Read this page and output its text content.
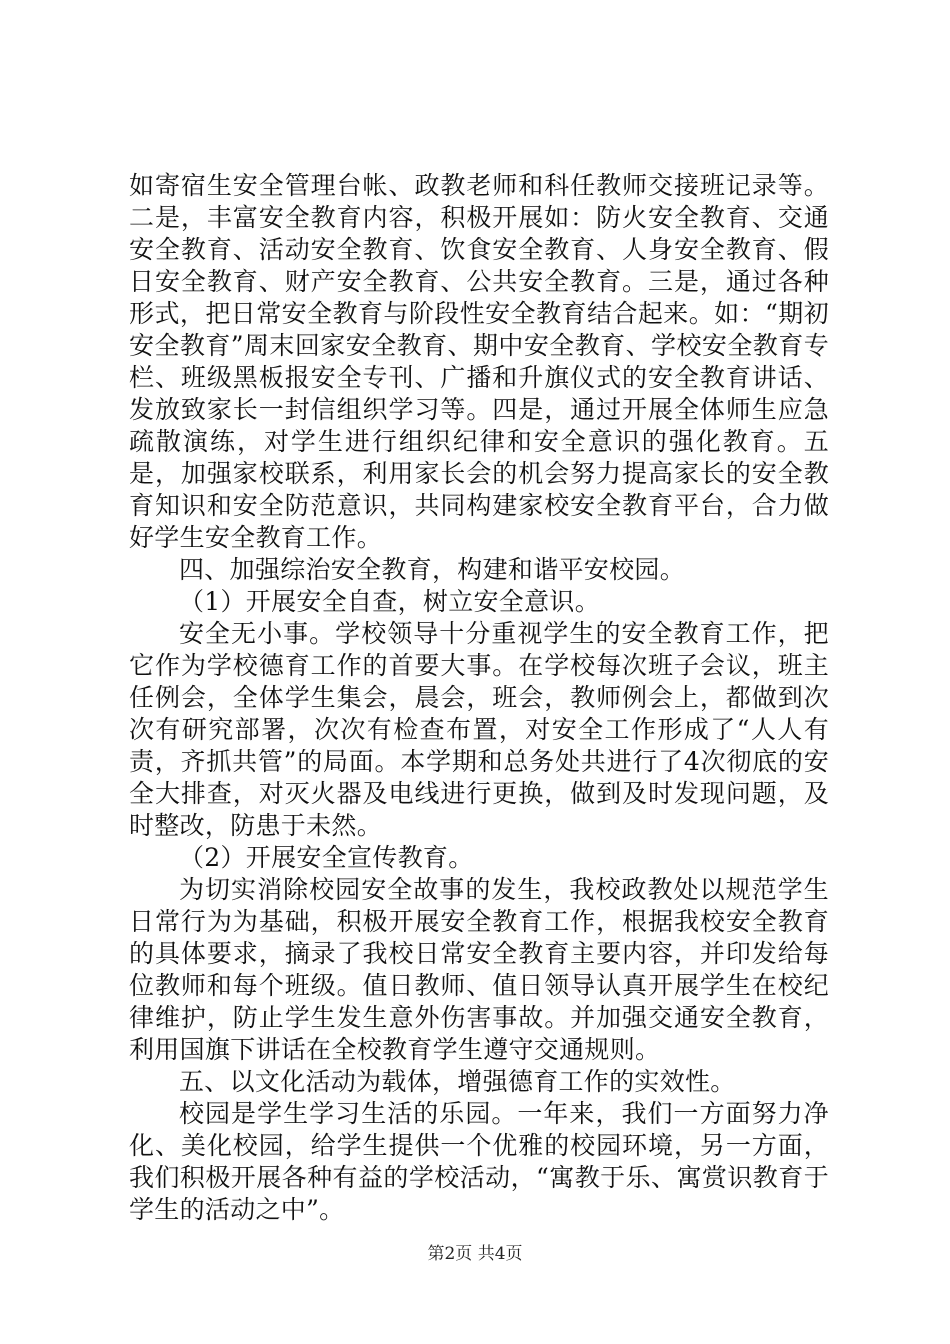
如寄宿生安全管理台帐、政教老师和科任教师交接班记录等。二是，丰富安全教育内容，积极开展如：防火安全教育、交通安全教育、活动安全教育、饮食安全教育、人身安全教育、假日安全教育、财产安全教育、公共安全教育。三是，通过各种形式，把日常安全教育与阶段性安全教育结合起来。如：“期初安全教育”周末回家安全教育、期中安全教育、学校安全教育专栏、班级黑板报安全专刊、广播和升旗仪式的安全教育讲话、发放致家长一封信组织学习等。四是，通过开展全体师生应急疏散演练，对学生进行组织纪律和安全意识的强化教育。五是，加强家校联系，利用家长会的机会努力提高家长的安全教育知识和安全防范意识，共同构建家校安全教育平台，合力做好学生安全教育工作。

四、加强综治安全教育，构建和谐平安校园。

（1）开展安全自查，树立安全意识。

安全无小事。学校领导十分重视学生的安全教育工作，把它作为学校德育工作的首要大事。在学校每次班子会议，班主任例会，全体学生集会，晨会，班会，教师例会上，都做到次次有研究部署，次次有检查布置，对安全工作形成了“人人有责，齐抓共管”的局面。本学期和总务处共进行了4次彻底的安全大排查，对灭火器及电线进行更换，做到及时发现问题，及时整改，防患于未然。

（2）开展安全宣传教育。

为切实消除校园安全故事的发生，我校政教处以规范学生日常行为为基础，积极开展安全教育工作，根据我校安全教育的具体要求，摘录了我校日常安全教育主要内容，并印发给每位教师和每个班级。值日教师、值日领导认真开展学生在校纪律维护，防止学生发生意外伤害事故。并加强交通安全教育，利用国旗下讲话在全校教育学生遵守交通规则。

五、以文化活动为载体，增强德育工作的实效性。

校园是学生学习生活的乐园。一年来，我们一方面努力净化、美化校园，给学生提供一个优雅的校园环境，另一方面，我们积极开展各种有益的学校活动，“寓教于乐、寓赏识教育于学生的活动之中”。

第2页 共4页
